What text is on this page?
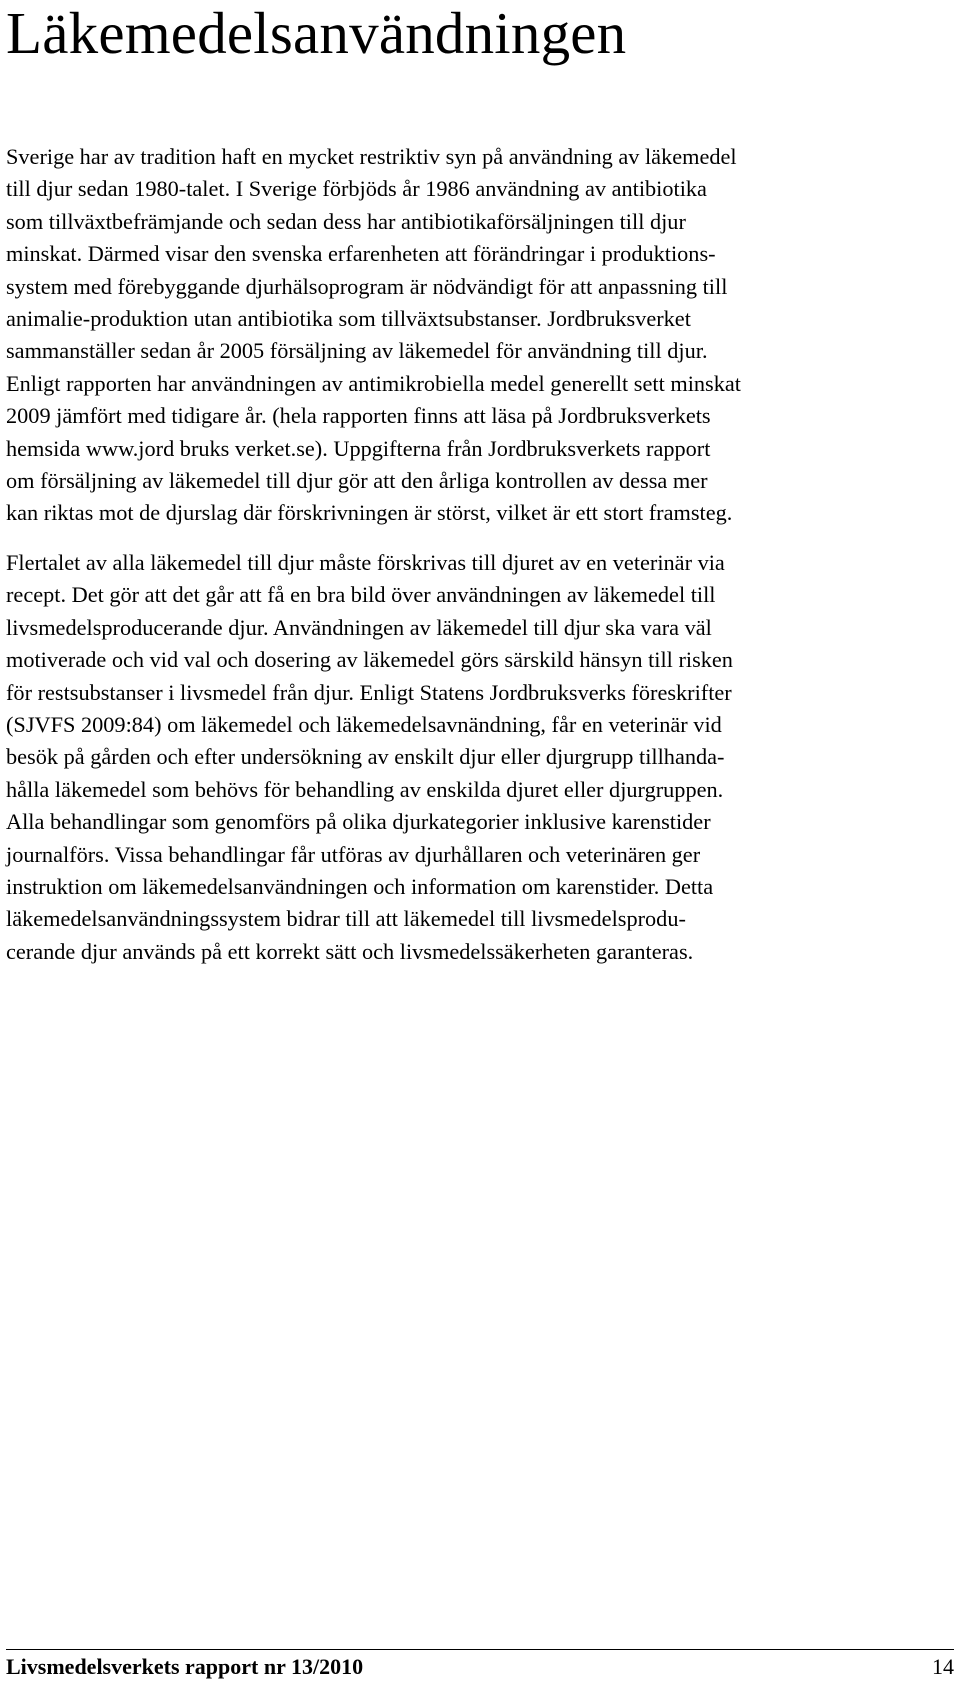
Läkemedelsanvändningen
Sverige har av tradition haft en mycket restriktiv syn på användning av läkemedel
till djur sedan 1980-talet. I Sverige förbjöds år 1986 användning av antibiotika
som tillväxtbefrämjande och sedan dess har antibiotikaförsäljningen till djur
minskat. Därmed visar den svenska erfarenheten att förändringar i produktions-
system med förebyggande djurhälsoprogram är nödvändigt för att anpassning till
animalie-produktion utan antibiotika som tillväxtsubstanser. Jordbruksverket
sammanställer sedan år 2005 försäljning av läkemedel för användning till djur.
Enligt rapporten har användningen av antimikrobiella medel generellt sett minskat
2009 jämfört med tidigare år. (hela rapporten finns att läsa på Jordbruksverkets
hemsida www.jord bruks verket.se). Uppgifterna från Jordbruksverkets rapport
om försäljning av läkemedel till djur gör att den årliga kontrollen av dessa mer
kan riktas mot de djurslag där förskrivningen är störst, vilket är ett stort framsteg.
Flertalet av alla läkemedel till djur måste förskrivas till djuret av en veterinär via
recept. Det gör att det går att få en bra bild över användningen av läkemedel till
livsmedelsproducerande djur. Användningen av läkemedel till djur ska vara väl
motiverade och vid val och dosering av läkemedel görs särskild hänsyn till risken
för restsubstanser i livsmedel från djur. Enligt Statens Jordbruksverks föreskrifter
(SJVFS 2009:84) om läkemedel och läkemedelsavnändning, får en veterinär vid
besök på gården och efter undersökning av enskilt djur eller djurgrupp tillhanda-
hålla läkemedel som behövs för behandling av enskilda djuret eller djurgruppen.
Alla behandlingar som genomförs på olika djurkategorier inklusive karenstider
journalförs. Vissa behandlingar får utföras av djurhållaren och veterinären ger
instruktion om läkemedelsanvändningen och information om karenstider. Detta
läkemedelsanvändningssystem bidrar till att läkemedel till livsmedelsprodu-
cerande djur används på ett korrekt sätt och livsmedelssäkerheten garanteras.
Livsmedelsverkets rapport nr 13/2010	14
